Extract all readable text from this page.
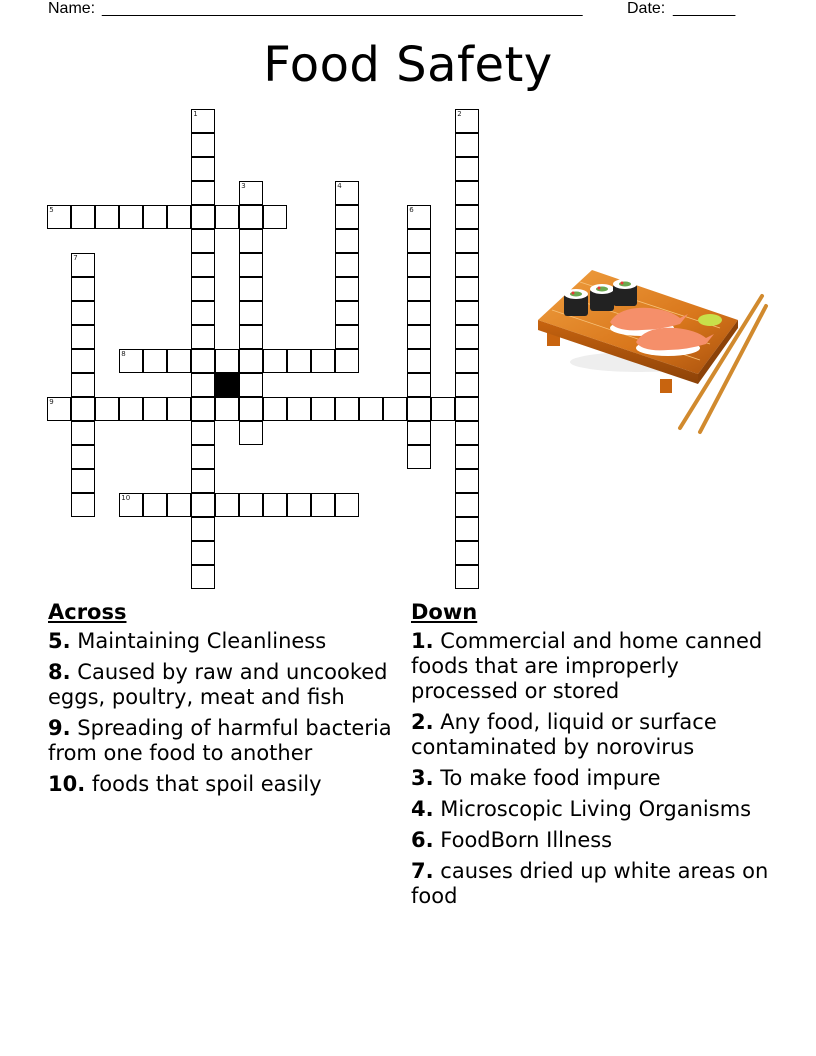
Name: ______________________________________________________	Date: _______
Food Safety
1	2
3	4
5	6
7
8
9
10
Across
5. Maintaining Cleanliness
8. Caused by raw and uncooked eggs, poultry, meat and fish
9. Spreading of harmful bacteria from one food to another
10. foods that spoil easily
Down
1. Commercial and home canned foods that are improperly processed or stored
2. Any food, liquid or surface contaminated by norovirus
3. To make food impure
4. Microscopic Living Organisms
6. FoodBorn Illness
7. causes dried up white areas on food
